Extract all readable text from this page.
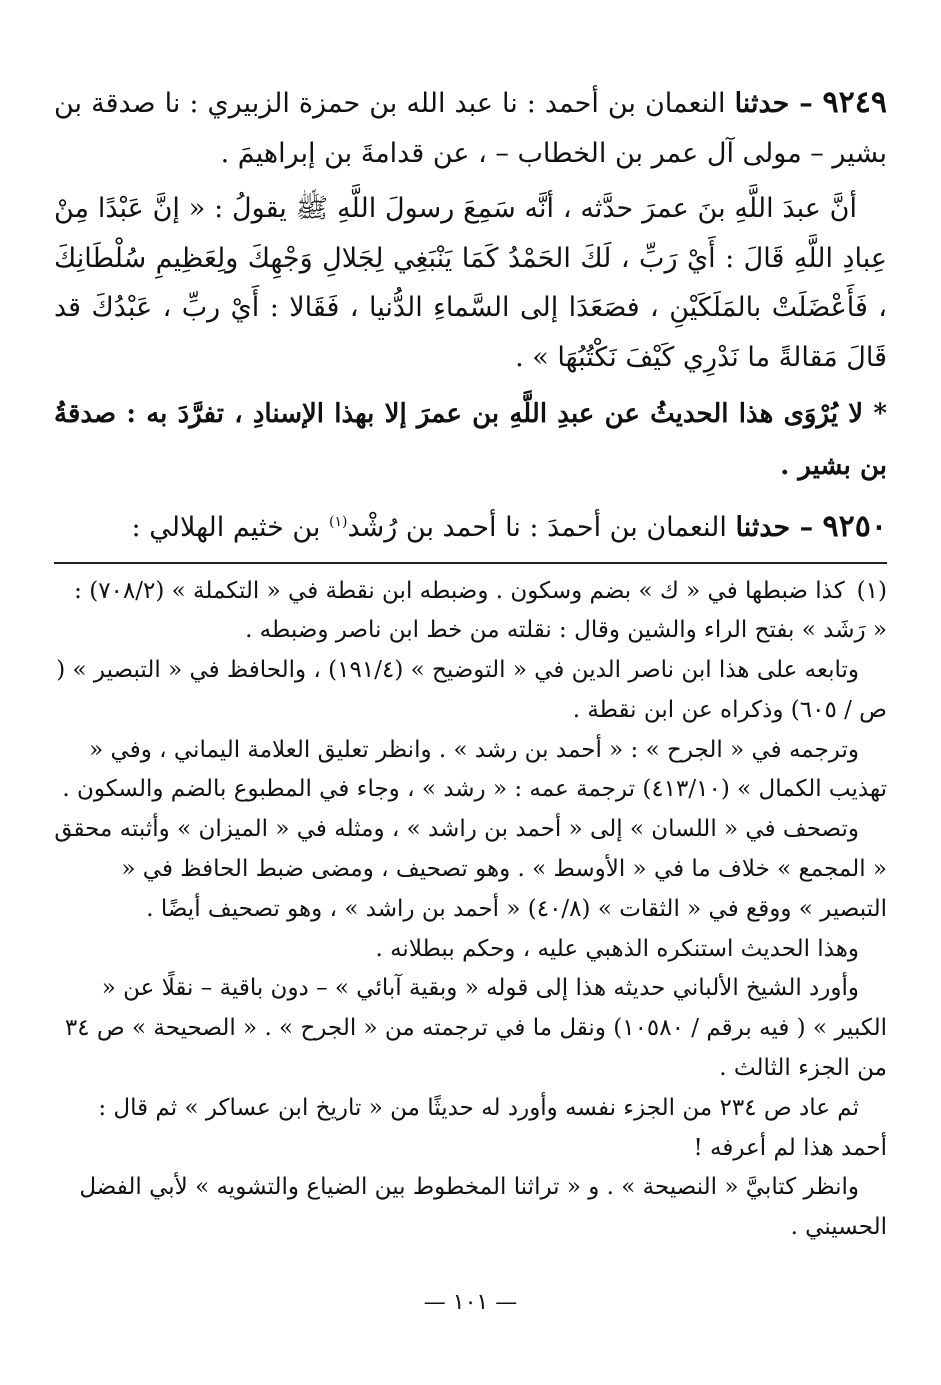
٩٢٤٩ – حدثنا النعمان بن أحمد : نا عبد الله بن حمزة الزبيري : نا صدقة بن بشير – مولى آل عمر بن الخطاب – ، عن قدامةَ بن إبراهيمَ .

أنَّ عبدَ اللَّهِ بنَ عمرَ حدَّثه ، أنَّه سَمِعَ رسولَ اللَّهِ ﷺ يقولُ : « إنَّ عَبْدًا مِنْ عِبادِ اللَّهِ قَالَ : أَيْ رَبِّ ، لَكَ الحَمْدُ كَمَا يَنْبَغِي لِجَلالِ وَجْهِكَ ولِعَظِيمِ سُلْطَانِكَ ، فَأَعْضَلَتْ بالمَلَكَيْنِ ، فصَعَدَا إلى السَّماءِ الدُّنيا ، فَقَالا : أَيْ ربِّ ، عَبْدُكَ قد قَالَ مَقالةً ما نَدْرِي كَيْفَ نَكْتُبُهَا » .

* لا يُرْوَى هذا الحديثُ عن عبدِ اللَّهِ بن عمرَ إلا بهذا الإسنادِ ، تفرَّدَ به : صدقةُ بن بشير .

٩٢٥٠ – حدثنا النعمان بن أحمدَ : نا أحمد بن رُشْد$^{(١)}$ بن خثيم الهلالي :

(١)كذا ضبطها في « ك » بضم وسكون . وضبطه ابن نقطة في « التكملة » (٧٠٨/٢) : « رَشَد » بفتح الراء والشين وقال : نقلته من خط ابن ناصر وضبطه .

وتابعه على هذا ابن ناصر الدين في « التوضيح » (١٩١/٤) ، والحافظ في « التبصير » ( ص / ٦٠٥) وذكراه عن ابن نقطة .

وترجمه في « الجرح » : « أحمد بن رشد » . وانظر تعليق العلامة اليماني ، وفي « تهذيب الكمال » (٤١٣/١٠) ترجمة عمه : « رشد » ، وجاء في المطبوع بالضم والسكون .

وتصحف في « اللسان » إلى « أحمد بن راشد » ، ومثله في « الميزان » وأثبته محقق « المجمع » خلاف ما في « الأوسط » . وهو تصحيف ، ومضى ضبط الحافظ في « التبصير » ووقع في « الثقات » (٤٠/٨) « أحمد بن راشد » ، وهو تصحيف أيضًا .

وهذا الحديث استنكره الذهبي عليه ، وحكم ببطلانه .

وأورد الشيخ الألباني حديثه هذا إلى قوله « وبقية آبائي » – دون باقية – نقلًا عن « الكبير » ( فيه برقم / ١٠٥٨٠) ونقل ما في ترجمته من « الجرح » . « الصحيحة » ص ٣٤ من الجزء الثالث .

ثم عاد ص ٢٣٤ من الجزء نفسه وأورد له حديثًا من « تاريخ ابن عساكر » ثم قال : أحمد هذا لم أعرفه !

وانظر كتابيَّ « النصيحة » . و « تراثنا المخطوط بين الضياع والتشويه » لأبي الفضل الحسيني .

— ١٠١ —
